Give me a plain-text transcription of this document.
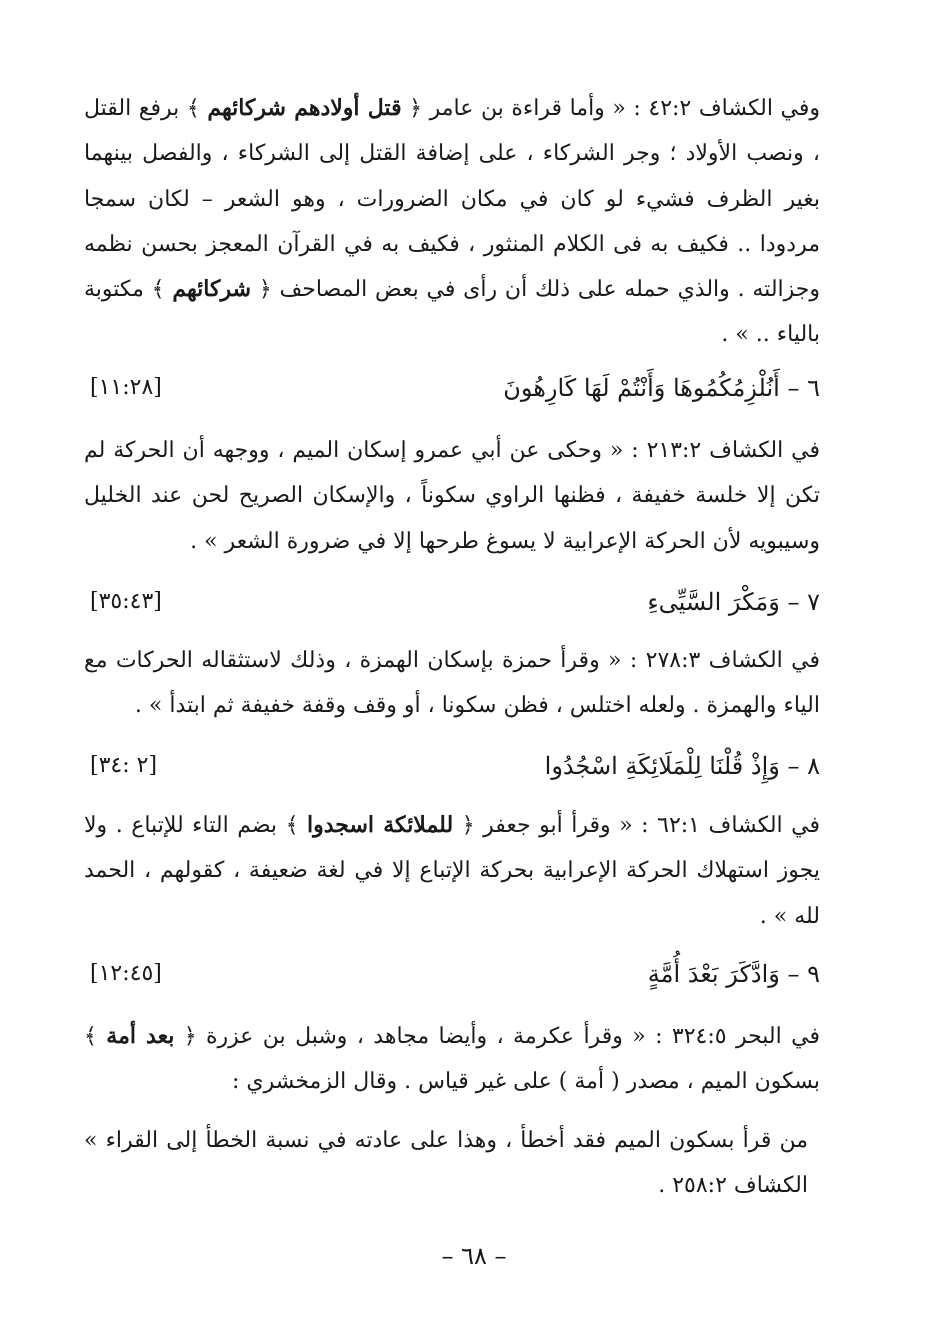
وفي الكشاف ٤٢:٢ : « وأما قراءة بن عامر ﴿ قتل أولادهم شركائهم ﴾ برفع القتل ، ونصب الأولاد ؛ وجر الشركاء ، على إضافة القتل إلى الشركاء ، والفصل بينهما بغير الظرف فشيء لو كان في مكان الضرورات ، وهو الشعر – لكان سمجا مردودا .. فكيف به فى الكلام المنثور ، فكيف به في القرآن المعجز بحسن نظمه وجزالته . والذي حمله على ذلك أن رأى في بعض المصاحف ﴿ شركائهم ﴾ مكتوبة بالياء .. » .

٦ – أَنُلْزِمُكُمُوهَا وَأَنْتُمْ لَهَا كَارِهُونَ
[١١:٢٨]

في الكشاف ٢١٣:٢ : « وحكى عن أبي عمرو إسكان الميم ، ووجهه أن الحركة لم تكن إلا خلسة خفيفة ، فظنها الراوي سكوناً ، والإسكان الصريح لحن عند الخليل وسيبويه لأن الحركة الإعرابية لا يسوغ طرحها إلا في ضرورة الشعر » .

٧ – وَمَكْرَ السَّيِّىءِ
[٣٥:٤٣]

في الكشاف ٢٧٨:٣ : « وقرأ حمزة بإسكان الهمزة ، وذلك لاستثقاله الحركات مع الياء والهمزة . ولعله اختلس ، فظن سكونا ، أو وقف وقفة خفيفة ثم ابتدأ » .

٨ – وَإِذْ قُلْنَا لِلْمَلَائِكَةِ اسْجُدُوا
[٢ :٣٤]

في الكشاف ٦٢:١ : « وقرأ أبو جعفر ﴿ للملائكة اسجدوا ﴾ بضم التاء للإتباع . ولا يجوز استهلاك الحركة الإعرابية بحركة الإتباع إلا في لغة ضعيفة ، كقولهم ، الحمد لله » .

٩ – وَادَّكَرَ بَعْدَ أُمَّةٍ
[١٢:٤٥]

في البحر ٣٢٤:٥ : « وقرأ عكرمة ، وأيضا مجاهد ، وشبل بن عزرة ﴿ بعد أمة ﴾ بسكون الميم ، مصدر ( أمة ) على غير قياس . وقال الزمخشري :

من قرأ بسكون الميم فقد أخطأ ، وهذا على عادته في نسبة الخطأ إلى القراء » الكشاف ٢٥٨:٢ .

– ٦٨ –
